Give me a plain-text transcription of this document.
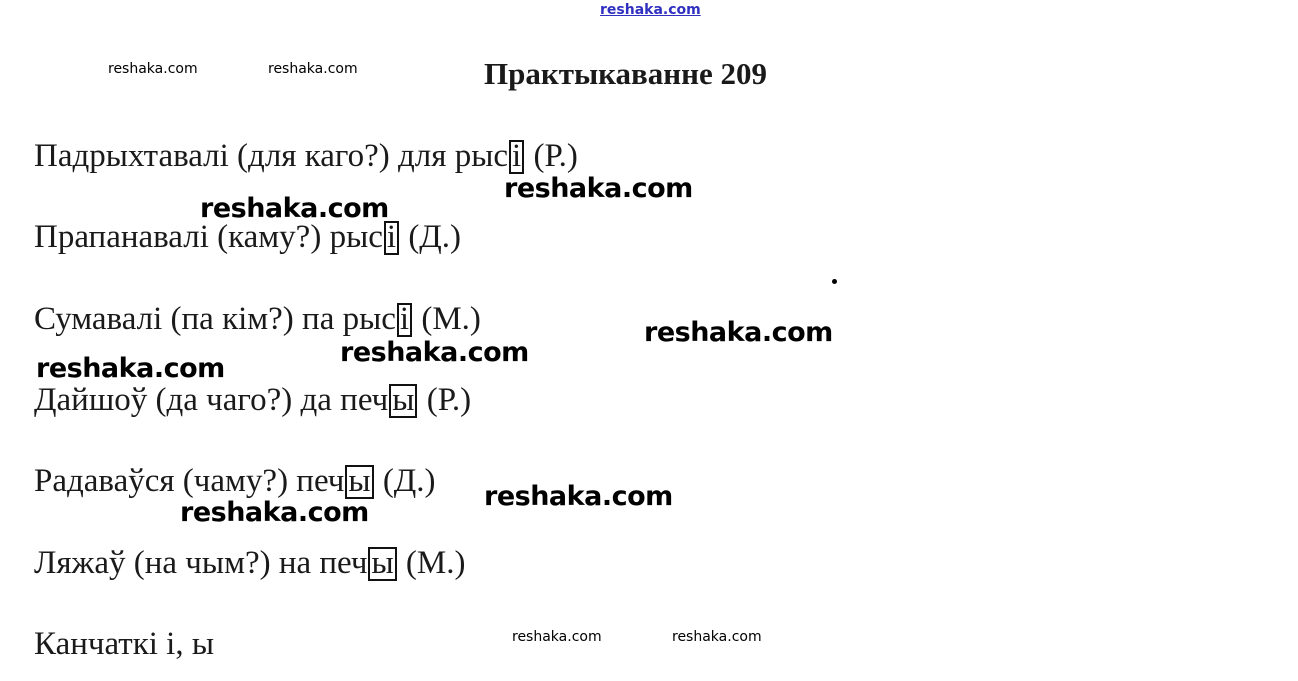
reshaka.com
reshaka.com	reshaka.com	Практыкаванне 209
Падрыхтавалі (для каго?) для рыс і (Р.)
Прапанавалі (каму?) рыс і (Д.)
Сумавалі (па кім?) па рыс і (М.)
Дайшоў (да чаго?) да печ ы (Р.)
Радаваўся (чаму?) печ ы (Д.)
Ляжаў (на чым?) на печ ы (М.)
Канчаткі і, ы
reshaka.com
reshaka.com
reshaka.com
reshaka.com
reshaka.com
reshaka.com
reshaka.com
reshaka.com	reshaka.com
